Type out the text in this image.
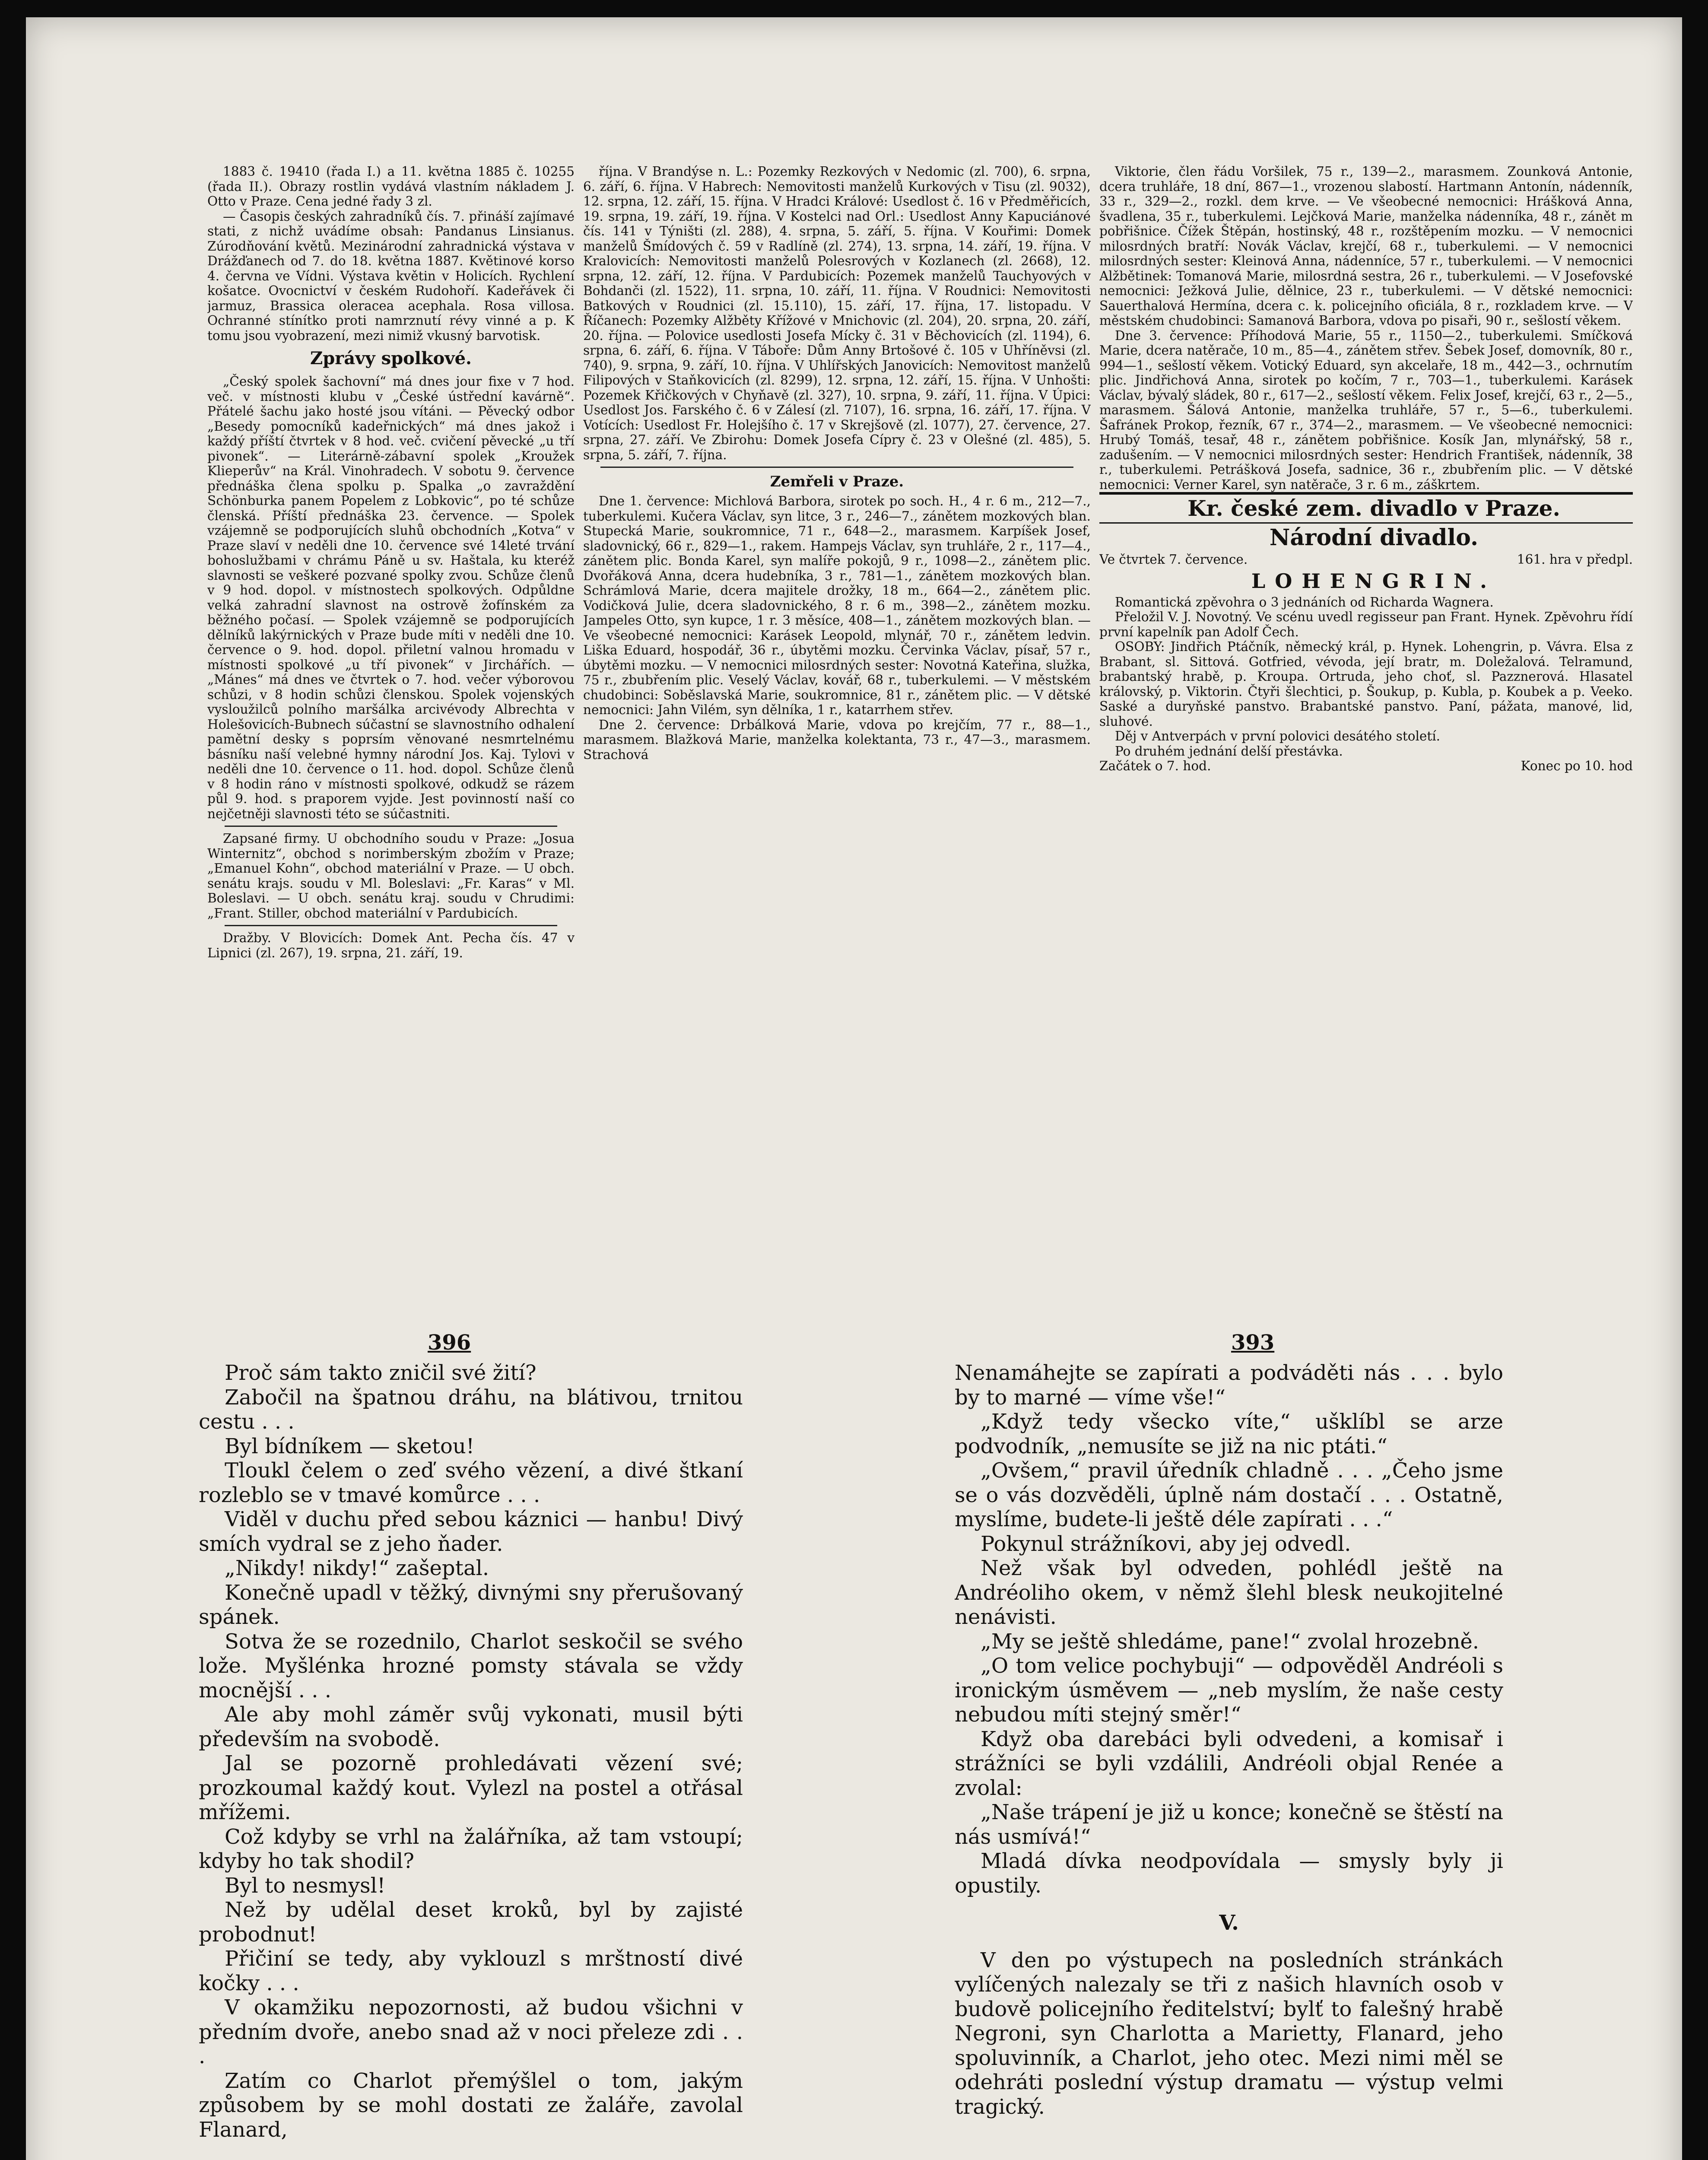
1883 č. 19410 (řada I.) a 11. května 1885 č. 10255 (řada II.). Obrazy rostlin vydává vlastním nákladem J. Otto v Praze. Cena jedné řady 3 zl.

— Časopis českých zahradníků čís. 7. přináší zajímavé stati, z nichž uvádíme obsah: Pandanus Linsianus. Zúrodňování květů. Mezinárodní zahradnická výstava v Drážďanech od 7. do 18. května 1887. Květinové korso 4. června ve Vídni. Výstava květin v Holicích. Rychlení košatce. Ovocnictví v českém Rudohoří. Kadeřávek či jarmuz, Brassica oleracea acephala. Rosa villosa. Ochranné stínítko proti namrznutí révy vinné a p. K tomu jsou vyobrazení, mezi nimiž vkusný barvotisk.

Zprávy spolkové.

„Český spolek šachovní“ má dnes jour fixe v 7 hod. več. v místnosti klubu v „České ústřední kavárně“. Přátelé šachu jako hosté jsou vítáni. — Pěvecký odbor „Besedy pomocníků kadeřnických“ má dnes jakož i každý příští čtvrtek v 8 hod. več. cvičení pěvecké „u tří pivonek“. — Literárně-zábavní spolek „Kroužek Klieperův“ na Král. Vinohradech. V sobotu 9. července přednáška člena spolku p. Spalka „o zavraždění Schönburka panem Popelem z Lobkovic“, po té schůze členská. Příští přednáška 23. července. — Spolek vzájemně se podporujících sluhů obchodních „Kotva“ v Praze slaví v neděli dne 10. července své 14leté trvání bohoslužbami v chrámu Páně u sv. Haštala, ku kteréž slavnosti se veškeré pozvané spolky zvou. Schůze členů v 9 hod. dopol. v místnostech spolkových. Odpůldne velká zahradní slavnost na ostrově žofínském za běžného počasí. — Spolek vzájemně se podporujících dělníků lakýrnických v Praze bude míti v neděli dne 10. července o 9. hod. dopol. přiletní valnou hromadu v místnosti spolkové „u tří pivonek“ v Jirchářích. — „Mánes“ má dnes ve čtvrtek o 7. hod. večer výborovou schůzi, v 8 hodin schůzi členskou. Spolek vojenských vysloužilců polního maršálka arcivévody Albrechta v Holešovicích-Bubnech súčastní se slavnostního odhalení pamětní desky s poprsím věnované nesmrtelnému básníku naší velebné hymny národní Jos. Kaj. Tylovi v neděli dne 10. července o 11. hod. dopol. Schůze členů v 8 hodin ráno v místnosti spolkové, odkudž se rázem půl 9. hod. s praporem vyjde. Jest povinností naší co nejčetněji slavnosti této se súčastniti.

Zapsané firmy. U obchodního soudu v Praze: „Josua Winternitz“, obchod s norimberským zbožím v Praze; „Emanuel Kohn“, obchod materiální v Praze. — U obch. senátu krajs. soudu v Ml. Boleslavi: „Fr. Karas“ v Ml. Boleslavi. — U obch. senátu kraj. soudu v Chrudimi: „Frant. Stiller, obchod materiální v Pardubicích.

Dražby. V Blovicích: Domek Ant. Pecha čís. 47 v Lipnici (zl. 267), 19. srpna, 21. září, 19.

října. V Brandýse n. L.: Pozemky Rezkových v Nedomic (zl. 700), 6. srpna, 6. září, 6. října. V Habrech: Nemovitosti manželů Kurkových v Tisu (zl. 9032), 12. srpna, 12. září, 15. října. V Hradci Králové: Usedlost č. 16 v Předměřicích, 19. srpna, 19. září, 19. října. V Kostelci nad Orl.: Usedlost Anny Kapuciánové čís. 141 v Týništi (zl. 288), 4. srpna, 5. září, 5. října. V Kouřimi: Domek manželů Šmídových č. 59 v Radlíně (zl. 274), 13. srpna, 14. září, 19. října. V Kralovicích: Nemovitosti manželů Polesrových v Kozlanech (zl. 2668), 12. srpna, 12. září, 12. října. V Pardubicích: Pozemek manželů Tauchyových v Bohdanči (zl. 1522), 11. srpna, 10. září, 11. října. V Roudnici: Nemovitosti Batkových v Roudnici (zl. 15.110), 15. září, 17. října, 17. listopadu. V Říčanech: Pozemky Alžběty Křížové v Mnichovic (zl. 204), 20. srpna, 20. září, 20. října. — Polovice usedlosti Josefa Mícky č. 31 v Běchovicích (zl. 1194), 6. srpna, 6. září, 6. října. V Táboře: Dům Anny Brtošové č. 105 v Uhříněvsi (zl. 740), 9. srpna, 9. září, 10. října. V Uhlířských Janovicích: Nemovitost manželů Filipových v Staňkovicích (zl. 8299), 12. srpna, 12. září, 15. října. V Unhošti: Pozemek Křičkových v Chyňavě (zl. 327), 10. srpna, 9. září, 11. října. V Úpici: Usedlost Jos. Farského č. 6 v Zálesí (zl. 7107), 16. srpna, 16. září, 17. října. V Votících: Usedlost Fr. Holejšího č. 17 v Skrejšově (zl. 1077), 27. července, 27. srpna, 27. září. Ve Zbirohu: Domek Josefa Cípry č. 23 v Olešné (zl. 485), 5. srpna, 5. září, 7. října.

Zemřeli v Praze.

Dne 1. července: Michlová Barbora, sirotek po soch. H., 4 r. 6 m., 212—7., tuberkulemi. Kučera Václav, syn litce, 3 r., 246—7., zánětem mozkových blan. Stupecká Marie, soukromnice, 71 r., 648—2., marasmem. Karpíšek Josef, sladovnický, 66 r., 829—1., rakem. Hampejs Václav, syn truhláře, 2 r., 117—4., zánětem plic. Bonda Karel, syn malíře pokojů, 9 r., 1098—2., zánětem plic. Dvořáková Anna, dcera hudebníka, 3 r., 781—1., zánětem mozkových blan. Schrámlová Marie, dcera majitele drožky, 18 m., 664—2., zánětem plic. Vodičková Julie, dcera sladovnického, 8 r. 6 m., 398—2., zánětem mozku. Jampeles Otto, syn kupce, 1 r. 3 měsíce, 408—1., zánětem mozkových blan. — Ve všeobecné nemocnici: Karásek Leopold, mlynář, 70 r., zánětem ledvin. Liška Eduard, hospodář, 36 r., úbytěmi mozku. Červinka Václav, písař, 57 r., úbytěmi mozku. — V nemocnici milosrdných sester: Novotná Kateřina, služka, 75 r., zbubřením plic. Veselý Václav, kovář, 68 r., tuberkulemi. — V městském chudobinci: Soběslavská Marie, soukromnice, 81 r., zánětem plic. — V dětské nemocnici: Jahn Vilém, syn dělníka, 1 r., katarrhem střev.

Dne 2. července: Drbálková Marie, vdova po krejčím, 77 r., 88—1., marasmem. Blažková Marie, manželka kolektanta, 73 r., 47—3., marasmem. Strachová

Viktorie, člen řádu Voršilek, 75 r., 139—2., marasmem. Zounková Antonie, dcera truhláře, 18 dní, 867—1., vrozenou slabostí. Hartmann Antonín, nádenník, 33 r., 329—2., rozkl. dem krve. — Ve všeobecné nemocnici: Hrášková Anna, švadlena, 35 r., tuberkulemi. Lejčková Marie, manželka nádenníka, 48 r., zánět m pobřišnice. Čížek Štěpán, hostinský, 48 r., rozštěpením mozku. — V nemocnici milosrdných bratří: Novák Václav, krejčí, 68 r., tuberkulemi. — V nemocnici milosrdných sester: Kleinová Anna, nádenníce, 57 r., tuberkulemi. — V nemocnici Alžbětinek: Tomanová Marie, milosrdná sestra, 26 r., tuberkulemi. — V Josefovské nemocnici: Ježková Julie, dělnice, 23 r., tuberkulemi. — V dětské nemocnici: Sauerthalová Hermína, dcera c. k. policejního oficiála, 8 r., rozkladem krve. — V městském chudobinci: Samanová Barbora, vdova po pisaři, 90 r., sešlostí věkem.

Dne 3. července: Příhodová Marie, 55 r., 1150—2., tuberkulemi. Smíčková Marie, dcera natěrače, 10 m., 85—4., zánětem střev. Šebek Josef, domovník, 80 r., 994—1., sešlostí věkem. Votický Eduard, syn akcelaře, 18 m., 442—3., ochrnutím plic. Jindřichová Anna, sirotek po kočím, 7 r., 703—1., tuberkulemi. Karásek Václav, bývalý sládek, 80 r., 617—2., sešlostí věkem. Felix Josef, krejčí, 63 r., 2—5., marasmem. Šálová Antonie, manželka truhláře, 57 r., 5—6., tuberkulemi. Šafránek Prokop, řezník, 67 r., 374—2., marasmem. — Ve všeobecné nemocnici: Hrubý Tomáš, tesař, 48 r., zánětem pobřišnice. Kosík Jan, mlynářský, 58 r., zadušením. — V nemocnici milosrdných sester: Hendrich František, nádenník, 38 r., tuberkulemi. Petrášková Josefa, sadnice, 36 r., zbubřením plic. — V dětské nemocnici: Verner Karel, syn natěrače, 3 r. 6 m., záškrtem.

Kr. české zem. divadlo v Praze.

Národní divadlo.

Ve čtvrtek 7. července.	161. hra v předpl.

LOHENGRIN.

Romantická zpěvohra o 3 jednáních od Richarda Wagnera.

Přeložil V. J. Novotný. Ve scénu uvedl regisseur pan Frant. Hynek. Zpěvohru řídí první kapelník pan Adolf Čech.

OSOBY: Jindřich Ptáčník, německý král, p. Hynek. Lohengrin, p. Vávra. Elsa z Brabant, sl. Sittová. Gotfried, vévoda, její bratr, m. Doležalová. Telramund, brabantský hrabě, p. Kroupa. Ortruda, jeho choť, sl. Pazznerová. Hlasatel královský, p. Viktorin. Čtyři šlechtici, p. Šoukup, p. Kubla, p. Koubek a p. Veeko. Saské a duryňské panstvo. Brabantské panstvo. Paní, pážata, manové, lid, sluhové.

Děj v Antverpách v první polovici desátého století.

Po druhém jednání delší přestávka.

Začátek o 7. hod.	Konec po 10. hod
396	393

Proč sám takto zničil své žití?

Zabočil na špatnou dráhu, na blátivou, trnitou cestu . . .

Byl bídníkem — sketou!

Tloukl čelem o zeď svého vězení, a divé štkaní rozleblo se v tmavé komůrce . . .

Viděl v duchu před sebou káznici — hanbu! Divý smích vydral se z jeho ňader.

„Nikdy! nikdy!“ zašeptal.

Konečně upadl v těžký, divnými sny přerušovaný spánek.

Sotva že se rozednilo, Charlot seskočil se svého lože. Myšlénka hrozné pomsty stávala se vždy mocnější . . .

Ale aby mohl záměr svůj vykonati, musil býti především na svobodě.

Jal se pozorně prohledávati vězení své; prozkoumal každý kout. Vylezl na postel a otřásal mřížemi.

Což kdyby se vrhl na žalářníka, až tam vstoupí; kdyby ho tak shodil?

Byl to nesmysl!

Než by udělal deset kroků, byl by zajisté probodnut!

Přičiní se tedy, aby vyklouzl s mrštností divé kočky . . .

V okamžiku nepozornosti, až budou všichni v předním dvoře, anebo snad až v noci přeleze zdi . . .

Zatím co Charlot přemýšlel o tom, jakým způsobem by se mohl dostati ze žaláře, zavolal Flanard,

Nenamáhejte se zapírati a podváděti nás . . . bylo by to marné — víme vše!“

„Když tedy všecko víte,“ ušklíbl se arze podvodník, „nemusíte se již na nic ptáti.“

„Ovšem,“ pravil úředník chladně . . . „Čeho jsme se o vás dozvěděli, úplně nám dostačí . . . Ostatně, myslíme, budete-li ještě déle zapírati . . .“

Pokynul strážníkovi, aby jej odvedl.

Než však byl odveden, pohlédl ještě na Andréoliho okem, v němž šlehl blesk neukojitelné nenávisti.

„My se ještě shledáme, pane!“ zvolal hrozebně.

„O tom velice pochybuji“ — odpověděl Andréoli s ironickým úsměvem — „neb myslím, že naše cesty nebudou míti stejný směr!“

Když oba darebáci byli odvedeni, a komisař i strážníci se byli vzdálili, Andréoli objal Renée a zvolal:

„Naše trápení je již u konce; konečně se štěstí na nás usmívá!“

Mladá dívka neodpovídala — smysly byly ji opustily.

V.

V den po výstupech na posledních stránkách vylíčených nalezaly se tři z našich hlavních osob v budově policejního ředitelství; bylť to falešný hrabě Negroni, syn Charlotta a Marietty, Flanard, jeho spoluvinník, a Charlot, jeho otec. Mezi nimi měl se odehráti poslední výstup dramatu — výstup velmi tragický.
